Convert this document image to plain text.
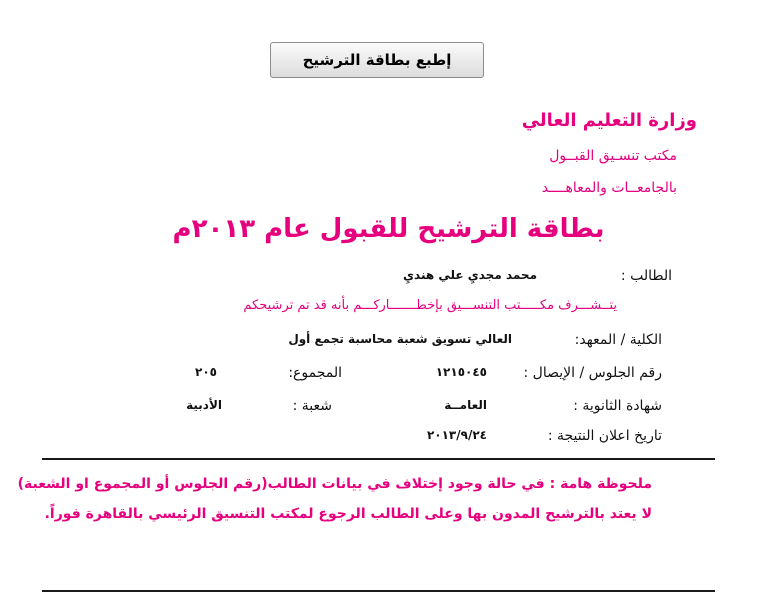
إطبع بطاقة الترشيح
وزارة التعليم العالي
مكتب تنسـيق القبــول
بالجامعــات والمعاهــــد
بطاقة الترشيح للقبول عام ٢٠١٣م
الطالب :
محمد مجديِ علي هنديِ
يتــشـــرف مكـــــتب التنســـيق بإخطـــــــاركـــم بأنه قد تم ترشيحكم
الكلية / المعهد:
العالي تسويق شعبة محاسبة تجمع أول
رقم الجلوس / الإيصال :
١٢١٥٠٤٥
المجموع:
٢٠٥
شهادة الثانوية :
العامــة
شعبة :
الأدبية
تاريخ اعلان النتيجة :
٢٠١٣/٩/٢٤
ملحوظة هامة : في حالة وجود إختلاف في بيانات الطالب(رقم الجلوس أو المجموع او الشعبة)
لا يعتد بالترشيح المدون بها وعلى الطالب الرجوع لمكتب التنسيق الرئيسي بالقاهرة فوراً.
